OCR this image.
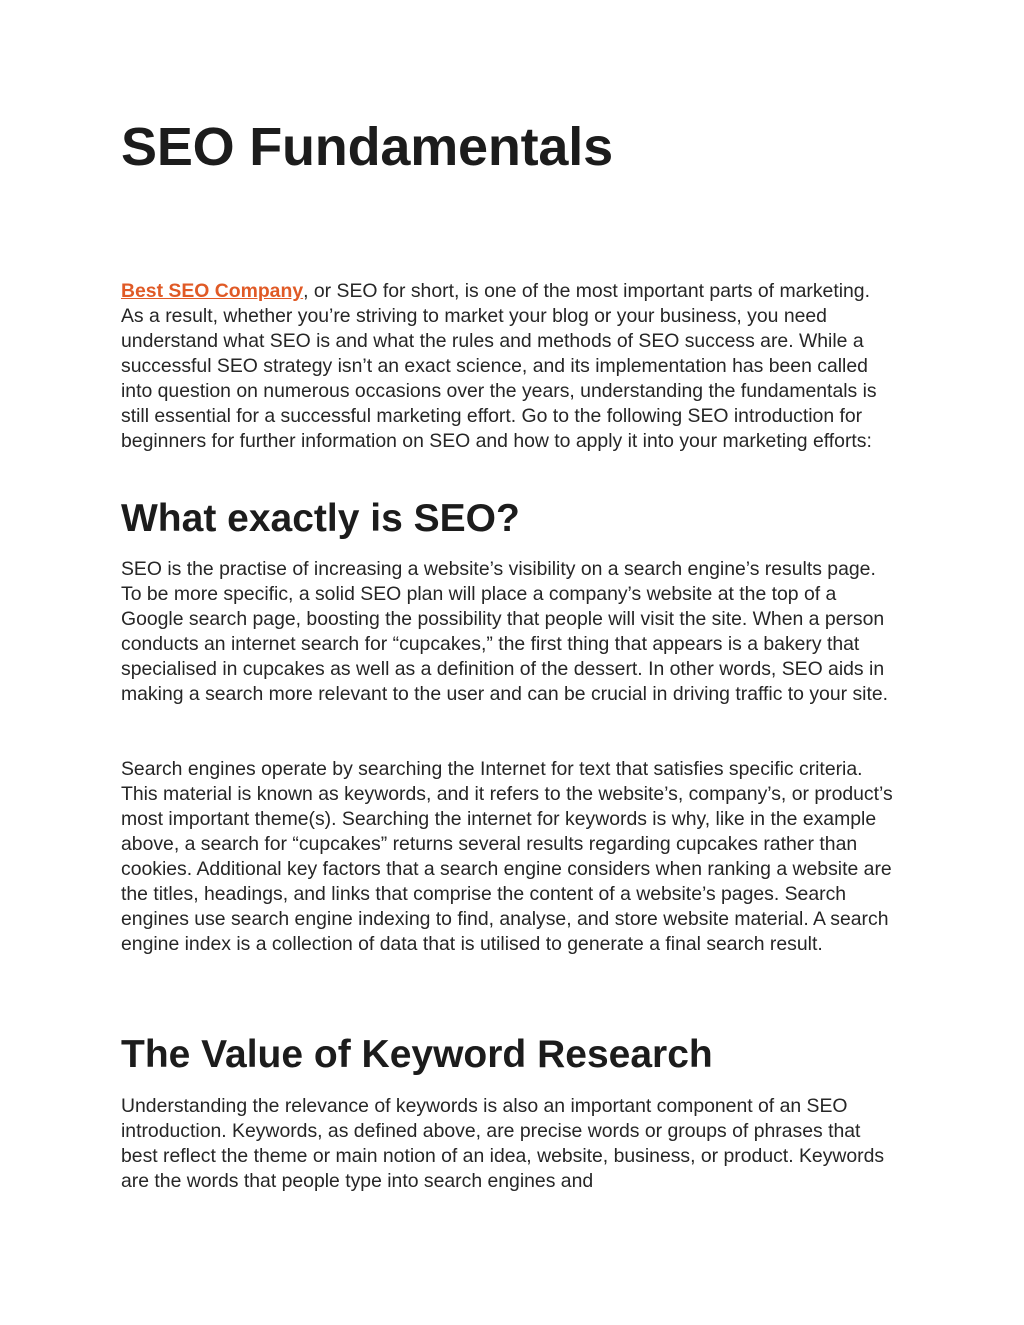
SEO Fundamentals

Best SEO Company, or SEO for short, is one of the most important parts of marketing. As a result, whether you’re striving to market your blog or your business, you need understand what SEO is and what the rules and methods of SEO success are. While a successful SEO strategy isn’t an exact science, and its implementation has been called into question on numerous occasions over the years, understanding the fundamentals is still essential for a successful marketing effort. Go to the following SEO introduction for beginners for further information on SEO and how to apply it into your marketing efforts:

What exactly is SEO?

SEO is the practise of increasing a website’s visibility on a search engine’s results page. To be more specific, a solid SEO plan will place a company’s website at the top of a Google search page, boosting the possibility that people will visit the site. When a person conducts an internet search for “cupcakes,” the first thing that appears is a bakery that specialised in cupcakes as well as a definition of the dessert. In other words, SEO aids in making a search more relevant to the user and can be crucial in driving traffic to your site.

Search engines operate by searching the Internet for text that satisfies specific criteria. This material is known as keywords, and it refers to the website’s, company’s, or product’s most important theme(s). Searching the internet for keywords is why, like in the example above, a search for “cupcakes” returns several results regarding cupcakes rather than cookies. Additional key factors that a search engine considers when ranking a website are the titles, headings, and links that comprise the content of a website’s pages. Search engines use search engine indexing to find, analyse, and store website material. A search engine index is a collection of data that is utilised to generate a final search result.

The Value of Keyword Research

Understanding the relevance of keywords is also an important component of an SEO introduction. Keywords, as defined above, are precise words or groups of phrases that best reflect the theme or main notion of an idea, website, business, or product. Keywords are the words that people type into search engines and
